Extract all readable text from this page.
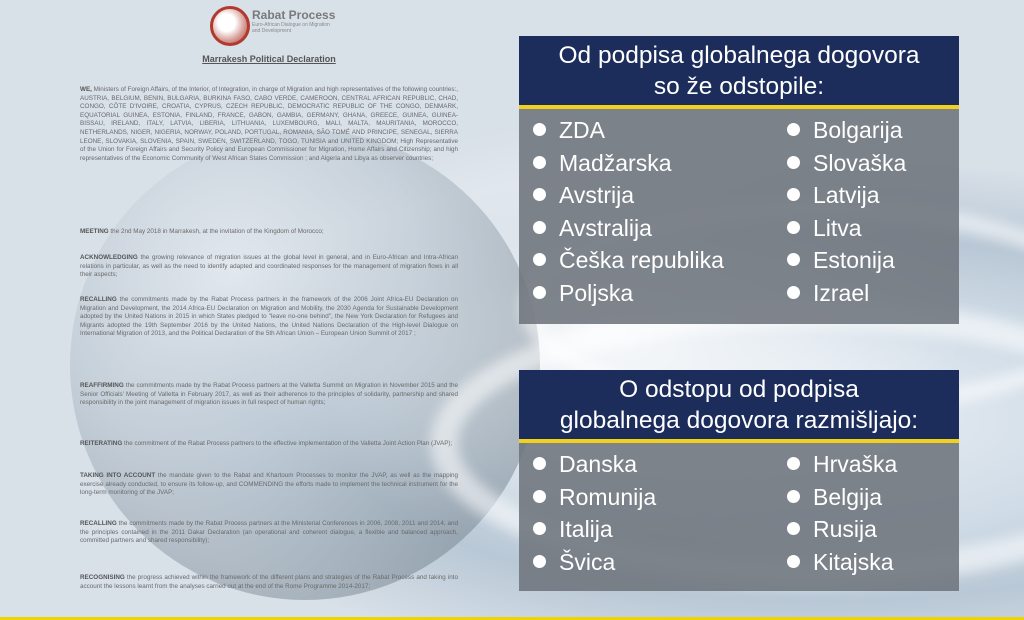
Rabat Process
Euro-African Dialogue on Migration and Development
Marrakesh Political Declaration
WE, Ministers of Foreign Affairs, of the Interior, of Integration, in charge of Migration and high representatives of the following countries:, AUSTRIA, BELGIUM, BENIN, BULGARIA, BURKINA FASO, CABO VERDE, CAMEROON, CENTRAL AFRICAN REPUBLIC, CHAD, CONGO, CÔTE D'IVOIRE, CROATIA, CYPRUS, CZECH REPUBLIC, DEMOCRATIC REPUBLIC OF THE CONGO, DENMARK, EQUATORIAL GUINEA, ESTONIA, FINLAND, FRANCE, GABON, GAMBIA, GERMANY, GHANA, GREECE, GUINEA, GUINEA-BISSAU, IRELAND, ITALY, LATVIA, LIBERIA, LITHUANIA, LUXEMBOURG, MALI, MALTA, MAURITANIA, MOROCCO, NETHERLANDS, NIGER, NIGERIA, NORWAY, POLAND, PORTUGAL, ROMANIA, SÃO TOMÉ AND PRINCIPE, SENEGAL, SIERRA LEONE, SLOVAKIA, SLOVENIA, SPAIN, SWEDEN, SWITZERLAND, TOGO, TUNISIA and UNITED KINGDOM; High Representative of the Union for Foreign Affairs and Security Policy and European Commissioner for Migration, Home Affairs and Citizenship; and high representatives of the Economic Community of West African States Commission ; and Algeria and Libya as observer countries;
MEETING the 2nd May 2018 in Marrakesh, at the invitation of the Kingdom of Morocco;
ACKNOWLEDGING the growing relevance of migration issues at the global level in general, and in Euro-African and Intra-African relations in particular, as well as the need to identify adapted and coordinated responses for the management of migration flows in all their aspects;
RECALLING the commitments made by the Rabat Process partners in the framework of the 2006 Joint Africa-EU Declaration on Migration and Development, the 2014 Africa-EU Declaration on Migration and Mobility, the 2030 Agenda for Sustainable Development adopted by the United Nations in 2015 in which States pledged to "leave no-one behind", the New York Declaration for Refugees and Migrants adopted the 19th September 2016 by the United Nations, the United Nations Declaration of the High-level Dialogue on International Migration of 2013, and the Political Declaration of the 5th African Union – European Union Summit of 2017 ;
REAFFIRMING the commitments made by the Rabat Process partners at the Valletta Summit on Migration in November 2015 and the Senior Officials' Meeting of Valletta in February 2017, as well as their adherence to the principles of solidarity, partnership and shared responsibility in the joint management of migration issues in full respect of human rights;
REITERATING the commitment of the Rabat Process partners to the effective implementation of the Valletta Joint Action Plan (JVAP);
TAKING INTO ACCOUNT the mandate given to the Rabat and Khartoum Processes to monitor the JVAP, as well as the mapping exercise already conducted, to ensure its follow-up, and COMMENDING the efforts made to implement the technical instrument for the long-term monitoring of the JVAP;
RECALLING the commitments made by the Rabat Process partners at the Ministerial Conferences in 2006, 2008, 2011 and 2014, and the principles contained in the 2011 Dakar Declaration (an operational and coherent dialogue, a flexible and balanced approach, committed partners and shared responsibility);
RECOGNISING the progress achieved within the framework of the different plans and strategies of the Rabat Process and taking into account the lessons learnt from the analyses carried out at the end of the Rome Programme 2014-2017;
Od podpisa globalnega dogovora
so že odstopile:
ZDA
Madžarska
Avstrija
Avstralija
Češka republika
Poljska
Bolgarija
Slovaška
Latvija
Litva
Estonija
Izrael
O odstopu od podpisa
globalnega dogovora razmišljajo:
Danska
Romunija
Italija
Švica
Hrvaška
Belgija
Rusija
Kitajska
